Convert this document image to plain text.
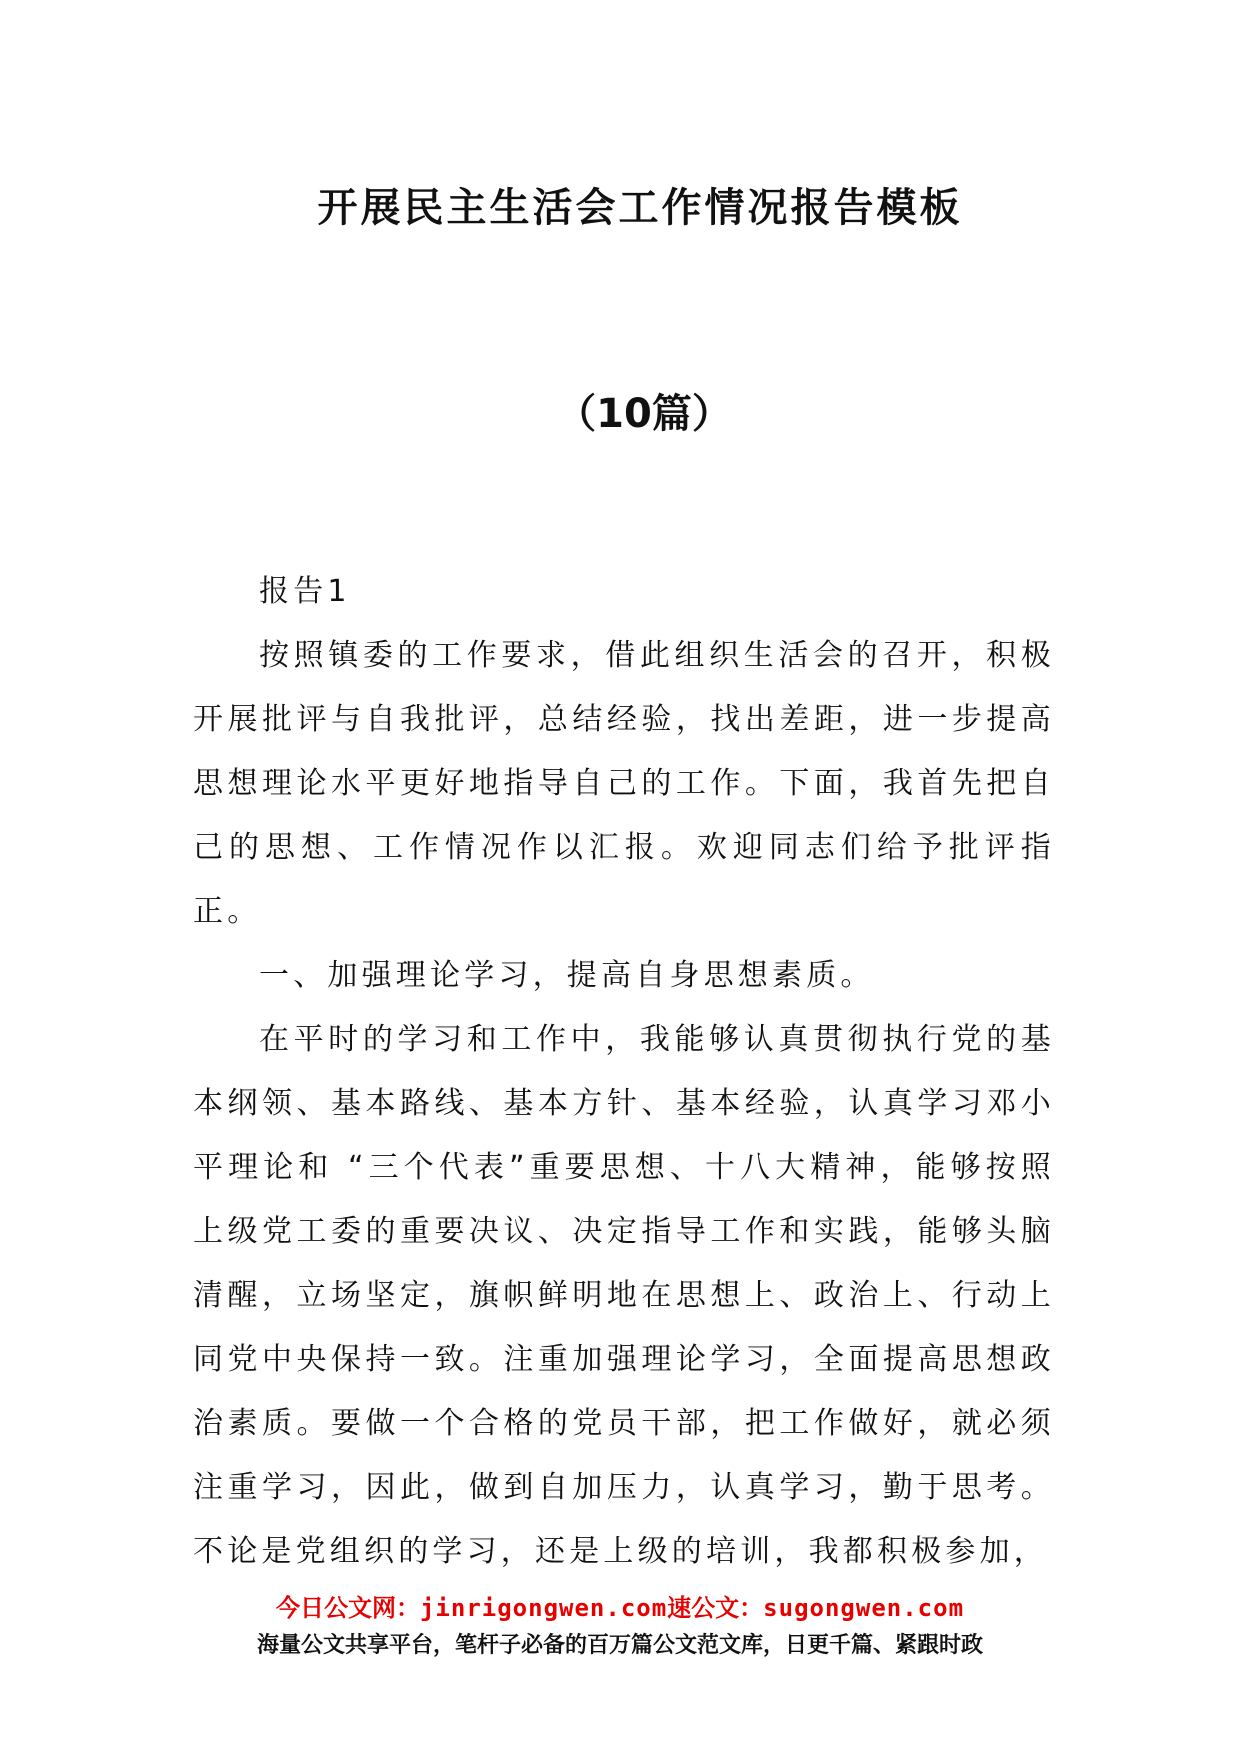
开展民主生活会工作情况报告模板
（10篇）

报告1

按照镇委的工作要求，借此组织生活会的召开，积极开展批评与自我批评，总结经验，找出差距，进一步提高思想理论水平更好地指导自己的工作。下面，我首先把自己的思想、工作情况作以汇报。欢迎同志们给予批评指正。

一、加强理论学习，提高自身思想素质。

在平时的学习和工作中，我能够认真贯彻执行党的基本纲领、基本路线、基本方针、基本经验，认真学习邓小平理论和 “三个代表”重要思想、十八大精神，能够按照上级党工委的重要决议、决定指导工作和实践，能够头脑清醒，立场坚定，旗帜鲜明地在思想上、政治上、行动上同党中央保持一致。注重加强理论学习，全面提高思想政治素质。要做一个合格的党员干部，把工作做好，就必须注重学习，因此，做到自加压力，认真学习，勤于思考。不论是党组织的学习，还是上级的培训，我都积极参加，

今日公文网：jinrigongwen.com速公文：sugongwen.com
海量公文共享平台，笔杆子必备的百万篇公文范文库，日更千篇、紧跟时政
